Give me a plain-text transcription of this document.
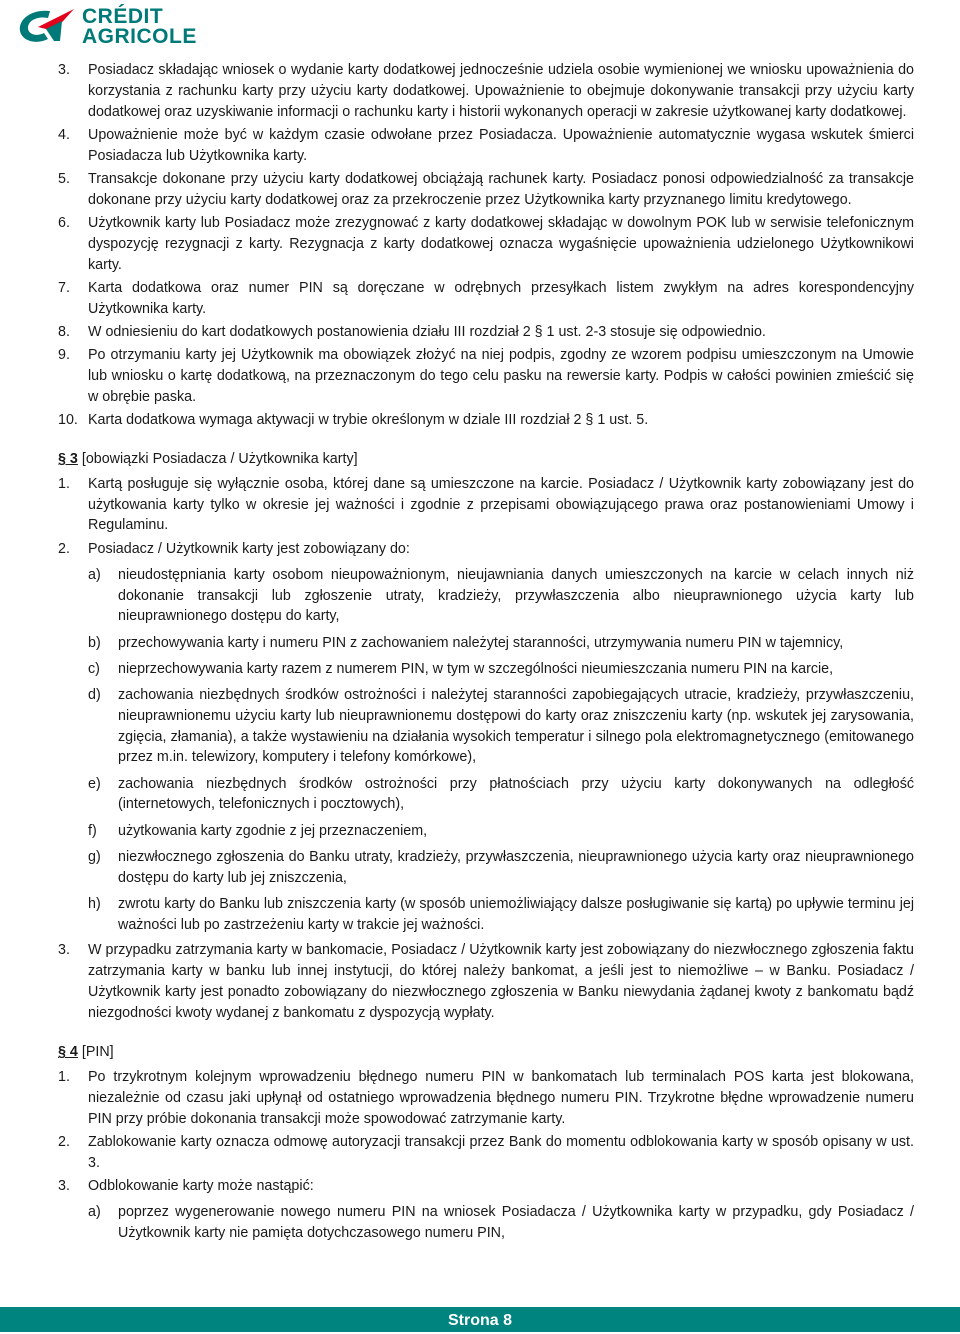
CRÉDIT
AGRICOLE
3. Posiadacz składając wniosek o wydanie karty dodatkowej jednocześnie udziela osobie wymienionej we wniosku upoważnienia do korzystania z rachunku karty przy użyciu karty dodatkowej. Upoważnienie to obejmuje dokonywanie transakcji przy użyciu karty dodatkowej oraz uzyskiwanie informacji o rachunku karty i historii wykonanych operacji w zakresie użytkowanej karty dodatkowej.
4. Upoważnienie może być w każdym czasie odwołane przez Posiadacza. Upoważnienie automatycznie wygasa wskutek śmierci Posiadacza lub Użytkownika karty.
5. Transakcje dokonane przy użyciu karty dodatkowej obciążają rachunek karty. Posiadacz ponosi odpowiedzialność za transakcje dokonane przy użyciu karty dodatkowej oraz za przekroczenie przez Użytkownika karty przyznanego limitu kredytowego.
6. Użytkownik karty lub Posiadacz może zrezygnować z karty dodatkowej składając w dowolnym POK lub w serwisie telefonicznym dyspozycję rezygnacji z karty. Rezygnacja z karty dodatkowej oznacza wygaśnięcie upoważnienia udzielonego Użytkownikowi karty.
7. Karta dodatkowa oraz numer PIN są doręczane w odrębnych przesyłkach listem zwykłym na adres korespondencyjny Użytkownika karty.
8. W odniesieniu do kart dodatkowych postanowienia działu III rozdział 2 § 1 ust. 2-3 stosuje się odpowiednio.
9. Po otrzymaniu karty jej Użytkownik ma obowiązek złożyć na niej podpis, zgodny ze wzorem podpisu umieszczonym na Umowie lub wniosku o kartę dodatkową, na przeznaczonym do tego celu pasku na rewersie karty. Podpis w całości powinien zmieścić się w obrębie paska.
10. Karta dodatkowa wymaga aktywacji w trybie określonym w dziale III rozdział 2 § 1 ust. 5.
§ 3 [obowiązki Posiadacza / Użytkownika karty]
1. Kartą posługuje się wyłącznie osoba, której dane są umieszczone na karcie. Posiadacz / Użytkownik karty zobowiązany jest do użytkowania karty tylko w okresie jej ważności i zgodnie z przepisami obowiązującego prawa oraz postanowieniami Umowy i Regulaminu.
2. Posiadacz / Użytkownik karty jest zobowiązany do:
a) nieudostępniania karty osobom nieupoważnionym, nieujawniania danych umieszczonych na karcie w celach innych niż dokonanie transakcji lub zgłoszenie utraty, kradzieży, przywłaszczenia albo nieuprawnionego użycia karty lub nieuprawnionego dostępu do karty,
b) przechowywania karty i numeru PIN z zachowaniem należytej staranności, utrzymywania numeru PIN w tajemnicy,
c) nieprzechowywania karty razem z numerem PIN, w tym w szczególności nieumieszczania numeru PIN na karcie,
d) zachowania niezbędnych środków ostrożności i należytej staranności zapobiegających utracie, kradzieży, przywłaszczeniu, nieuprawnionemu użyciu karty lub nieuprawnionemu dostępowi do karty oraz zniszczeniu karty (np. wskutek jej zarysowania, zgięcia, złamania), a także wystawieniu na działania wysokich temperatur i silnego pola elektromagnetycznego (emitowanego przez m.in. telewizory, komputery i telefony komórkowe),
e) zachowania niezbędnych środków ostrożności przy płatnościach przy użyciu karty dokonywanych na odległość (internetowych, telefonicznych i pocztowych),
f) użytkowania karty zgodnie z jej przeznaczeniem,
g) niezwłocznego zgłoszenia do Banku utraty, kradzieży, przywłaszczenia, nieuprawnionego użycia karty oraz nieuprawnionego dostępu do karty lub jej zniszczenia,
h) zwrotu karty do Banku lub zniszczenia karty (w sposób uniemożliwiający dalsze posługiwanie się kartą) po upływie terminu jej ważności lub po zastrzeżeniu karty w trakcie jej ważności.
3. W przypadku zatrzymania karty w bankomacie, Posiadacz / Użytkownik karty jest zobowiązany do niezwłocznego zgłoszenia faktu zatrzymania karty w banku lub innej instytucji, do której należy bankomat, a jeśli jest to niemożliwe – w Banku. Posiadacz / Użytkownik karty jest ponadto zobowiązany do niezwłocznego zgłoszenia w Banku niewydania żądanej kwoty z bankomatu bądź niezgodności kwoty wydanej z bankomatu z dyspozycją wypłaty.
§ 4 [PIN]
1. Po trzykrotnym kolejnym wprowadzeniu błędnego numeru PIN w bankomatach lub terminalach POS karta jest blokowana, niezależnie od czasu jaki upłynął od ostatniego wprowadzenia błędnego numeru PIN. Trzykrotne błędne wprowadzenie numeru PIN przy próbie dokonania transakcji może spowodować zatrzymanie karty.
2. Zablokowanie karty oznacza odmowę autoryzacji transakcji przez Bank do momentu odblokowania karty w sposób opisany w ust. 3.
3. Odblokowanie karty może nastąpić:
a) poprzez wygenerowanie nowego numeru PIN na wniosek Posiadacza / Użytkownika karty w przypadku, gdy Posiadacz / Użytkownik karty nie pamięta dotychczasowego numeru PIN,
Strona 8
